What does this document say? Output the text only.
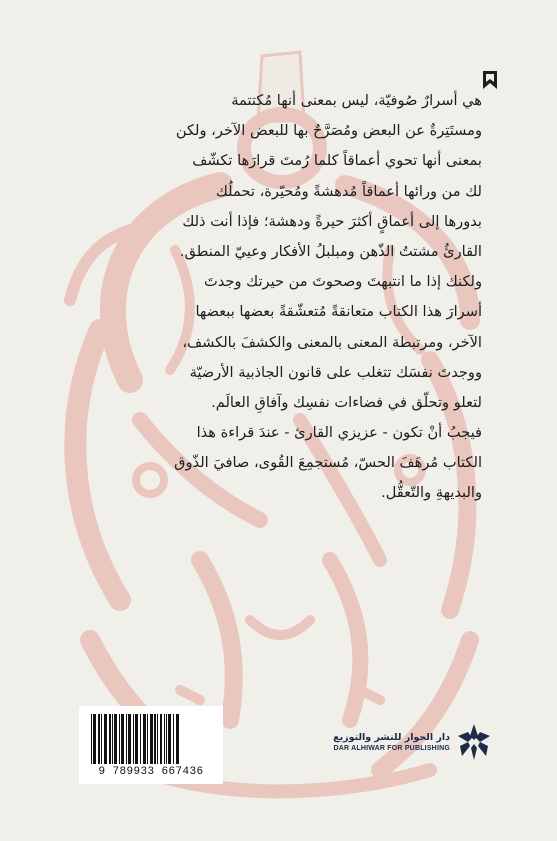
هي أسرارٌ صُوفيّة، ليس بمعنى أنها مُكتتمة
ومستَتِرةٌ عن البعض ومُصَرَّحٌ بها للبعض الآخر، ولكن
بمعنى أنها تحوي أعماقاً كلما رُمتَ قرارَها تكشّف
لك من ورائها أعماقاً مُدهشةً ومُحيّرة، تحملُك
بدورها إلى أعماقٍ أكثرَ حيرةً ودهشة؛ فإذا أنت ذلك
القارئُ مشتتُ الذّهن ومبلبلُ الأفكار وعييّ المنطق.
ولكنك إذا ما انتبهتَ وصحوتَ من حيرتك وجدتَ
أسرارَ هذا الكتاب متعانقةً مُتعشّقةً بعضها ببعضها
الآخر، ومرتبطة المعنى بالمعنى والكشفَ بالكشف،
ووجدتَ نفسَك تتغلب على قانون الجاذبية الأرضيّة
لتعلو وتحلّق في فضاءات نفسِك وآفاقِ العالَم.
فيجبُ أنْ تكون - عزيزي القارئ - عندَ قراءة هذا
الكتاب مُرهَفَ الحسّ، مُستجمِعَ القُوى، صافيَ الذّوق
والبديهةِ والتّعقُّل.
9 789933 667436
دار الحوار للنشر والتوزيع
DAR ALHIWAR FOR PUBLISHING
